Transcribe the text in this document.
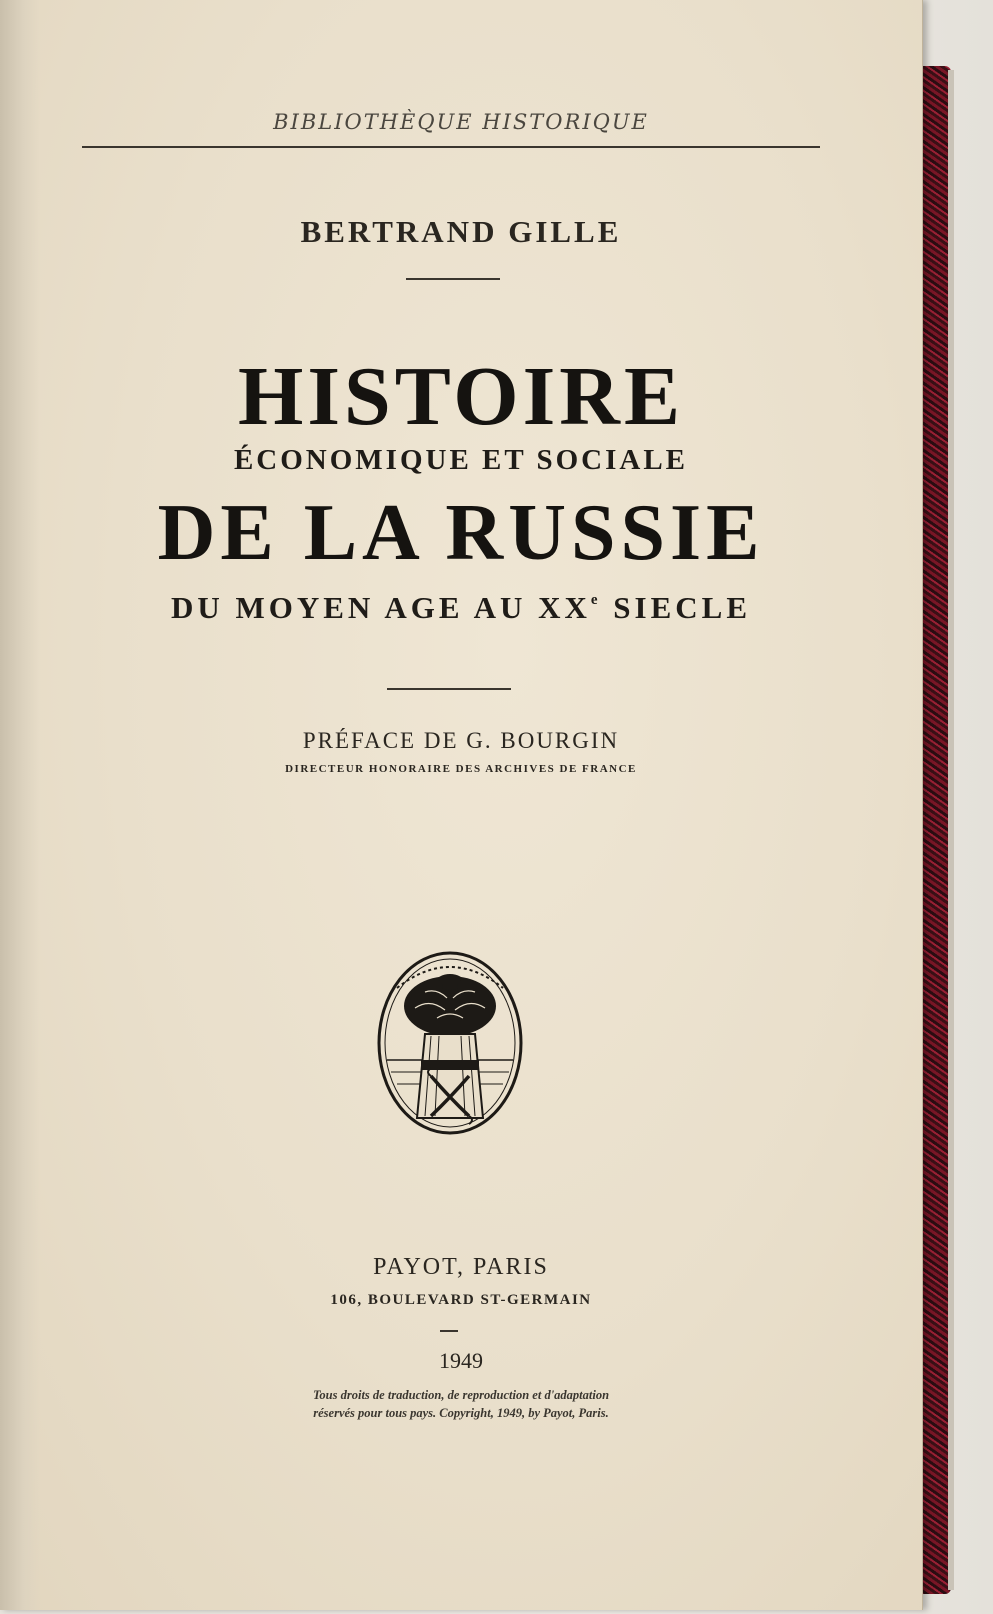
BIBLIOTHÈQUE HISTORIQUE
BERTRAND GILLE
HISTOIRE
ÉCONOMIQUE ET SOCIALE
DE LA RUSSIE
DU MOYEN AGE AU XXe SIECLE
PRÉFACE DE G. BOURGIN
DIRECTEUR HONORAIRE DES ARCHIVES DE FRANCE
PAYOT, PARIS
106, BOULEVARD ST-GERMAIN
1949
Tous droits de traduction, de reproduction et d'adaptation
réservés pour tous pays. Copyright, 1949, by Payot, Paris.
